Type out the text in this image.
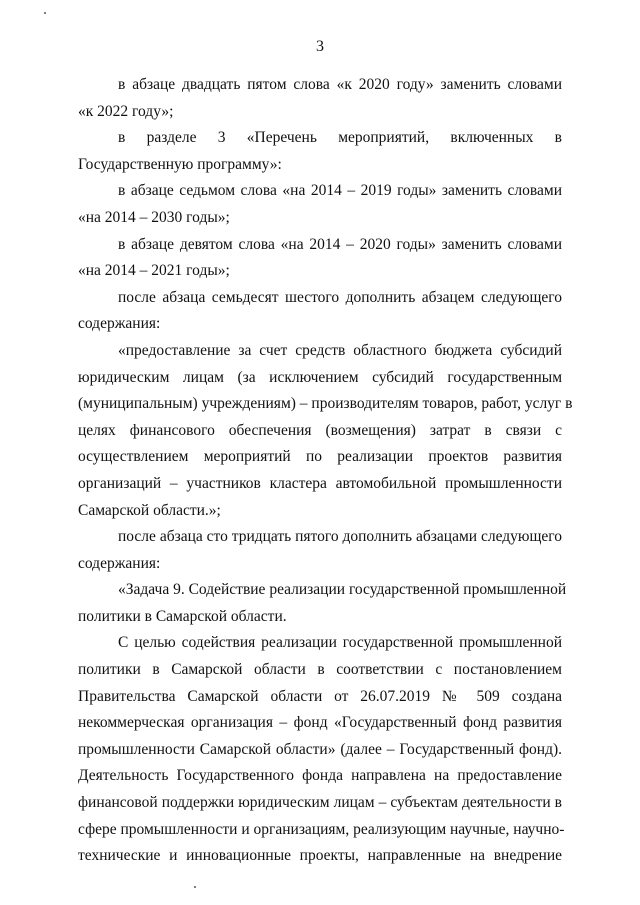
3
в абзаце двадцать пятом слова «к 2020 году» заменить словами
«к 2022 году»;
в разделе 3 «Перечень мероприятий, включенных в
Государственную программу»:
в абзаце седьмом слова «на 2014 – 2019 годы» заменить словами
«на 2014 – 2030 годы»;
в абзаце девятом слова «на 2014 – 2020 годы» заменить словами
«на 2014 – 2021 годы»;
после абзаца семьдесят шестого дополнить абзацем следующего
содержания:
«предоставление за счет средств областного бюджета субсидий
юридическим лицам (за исключением субсидий государственным
(муниципальным) учреждениям) – производителям товаров, работ, услуг в
целях финансового обеспечения (возмещения) затрат в связи с
осуществлением мероприятий по реализации проектов развития
организаций – участников кластера автомобильной промышленности
Самарской области.»;
после абзаца сто тридцать пятого дополнить абзацами следующего
содержания:
«Задача 9. Содействие реализации государственной промышленной
политики в Самарской области.
С целью содействия реализации государственной промышленной
политики в Самарской области в соответствии с постановлением
Правительства Самарской области от 26.07.2019 № 509 создана
некоммерческая организация – фонд «Государственный фонд развития
промышленности Самарской области» (далее – Государственный фонд).
Деятельность Государственного фонда направлена на предоставление
финансовой поддержки юридическим лицам – субъектам деятельности в
сфере промышленности и организациям, реализующим научные, научно-
технические и инновационные проекты, направленные на внедрение
